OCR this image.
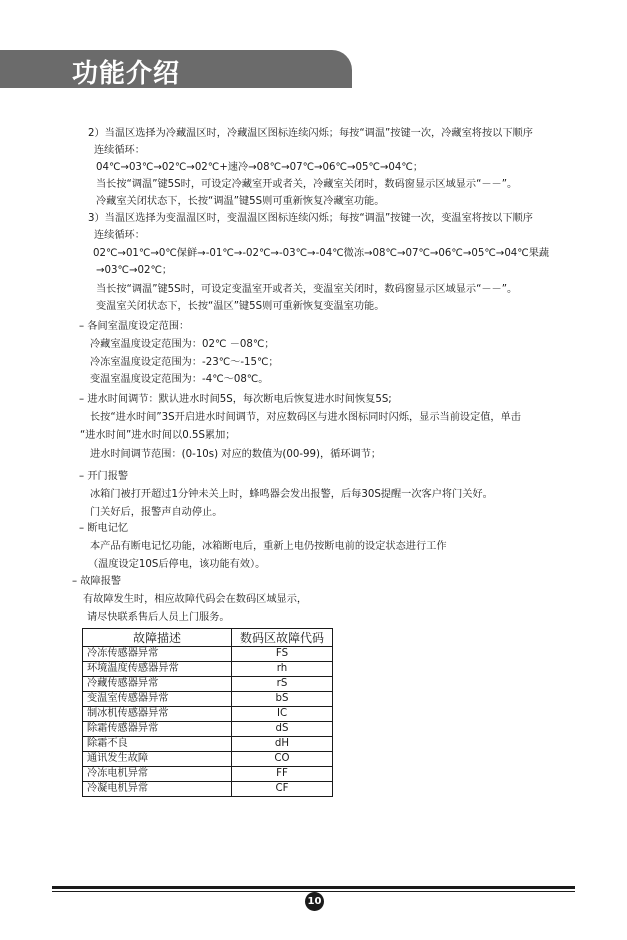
功能介绍
2）当温区选择为冷藏温区时，冷藏温区图标连续闪烁；每按“调温”按键一次，冷藏室将按以下顺序
连续循环：
04℃→03℃→02℃→02℃+速冷→08℃→07℃→06℃→05℃→04℃；
当长按“调温”键5S时，可设定冷藏室开或者关，冷藏室关闭时，数码窗显示区域显示“－－”。
冷藏室关闭状态下，长按“调温”键5S则可重新恢复冷藏室功能。
3）当温区选择为变温温区时，变温温区图标连续闪烁；每按“调温”按键一次，变温室将按以下顺序
连续循环：
02℃→01℃→0℃保鲜→-01℃→-02℃→-03℃→-04℃微冻→08℃→07℃→06℃→05℃→04℃果蔬
→03℃→02℃；
当长按“调温”键5S时，可设定变温室开或者关，变温室关闭时，数码窗显示区域显示“－－”。
变温室关闭状态下，长按“温区”键5S则可重新恢复变温室功能。
– 各间室温度设定范围：
冷藏室温度设定范围为：02℃ －08℃；
冷冻室温度设定范围为：-23℃～-15℃；
变温室温度设定范围为：-4℃～08℃。
– 进水时间调节：默认进水时间5S，每次断电后恢复进水时间恢复5S;
长按“进水时间”3S开启进水时间调节，对应数码区与进水图标同时闪烁，显示当前设定值，单击
“进水时间”进水时间以0.5S累加；
进水时间调节范围：(0-10s) 对应的数值为(00-99)，循环调节；
– 开门报警
冰箱门被打开超过1分钟未关上时，蜂鸣器会发出报警，后每30S提醒一次客户将门关好。
门关好后，报警声自动停止。
– 断电记忆
本产品有断电记忆功能，冰箱断电后，重新上电仍按断电前的设定状态进行工作
（温度设定10S后停电，该功能有效）。
– 故障报警
有故障发生时，相应故障代码会在数码区域显示，
请尽快联系售后人员上门服务。
故障描述	数码区故障代码
冷冻传感器异常	FS
环境温度传感器异常	rh
冷藏传感器异常	rS
变温室传感器异常	bS
制冰机传感器异常	IC
除霜传感器异常	dS
除霜不良	dH
通讯发生故障	CO
冷冻电机异常	FF
冷凝电机异常	CF
10
